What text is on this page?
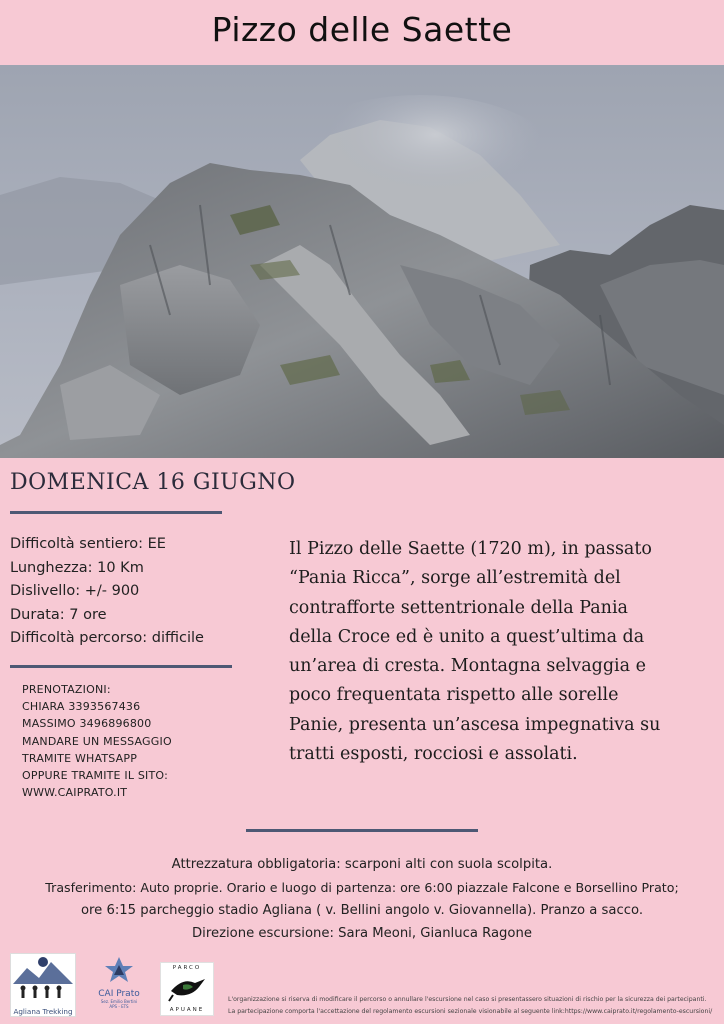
Pizzo delle Saette
DOMENICA 16 GIUGNO
Difficoltà sentiero: EE
Lunghezza: 10 Km
Dislivello: +/- 900
Durata: 7 ore
Difficoltà percorso: difficile
PRENOTAZIONI:
CHIARA 3393567436
MASSIMO 3496896800
MANDARE UN MESSAGGIO
TRAMITE WHATSAPP
OPPURE TRAMITE IL SITO:
WWW.CAIPRATO.IT
Il Pizzo delle Saette (1720 m), in passato
“Pania Ricca”, sorge all’estremità del
contrafforte settentrionale della Pania
della Croce ed è unito a quest’ultima da
un’area di cresta. Montagna selvaggia e
poco frequentata rispetto alle sorelle
Panie, presenta un’ascesa impegnativa su
tratti esposti, rocciosi e assolati.
Attrezzatura obbligatoria: scarponi alti con suola scolpita.
Trasferimento: Auto proprie. Orario e luogo di partenza: ore 6:00 piazzale Falcone e Borsellino Prato;
ore 6:15 parcheggio stadio Agliana ( v. Bellini angolo v. Giovannella). Pranzo a sacco.
Direzione escursione: Sara Meoni, Gianluca Ragone
Agliana Trekking
CAI Prato
Sez. Emilio Bertini
APS - ETS
PARCO
APUANE
L'organizzazione si riserva di modificare il percorso o annullare l'escursione nel caso si presentassero situazioni di rischio per la sicurezza dei partecipanti.
La partecipazione comporta l'accettazione del regolamento escursioni sezionale visionabile al seguente link:https://www.caiprato.it/regolamento-escursioni/
